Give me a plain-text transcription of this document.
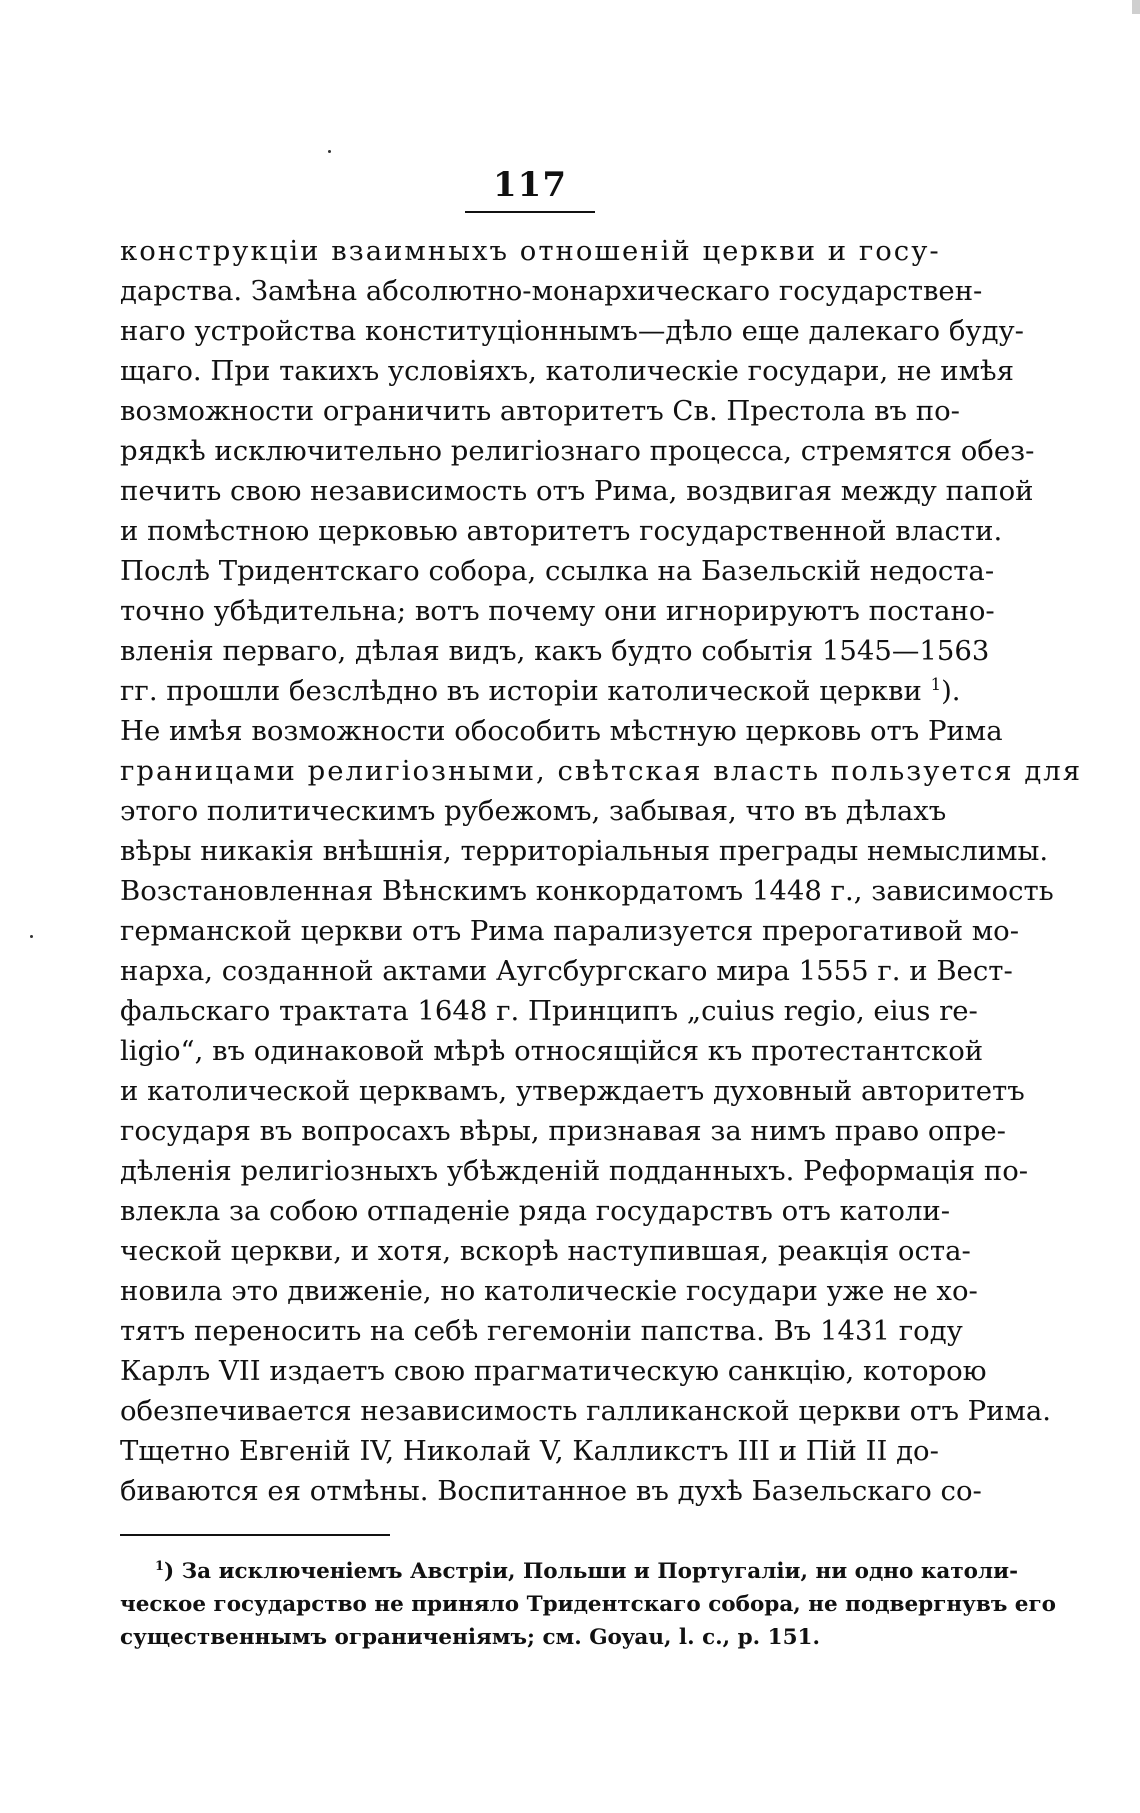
117
конструкціи взаимныхъ отношеній церкви и госу-
дарства. Замѣна абсолютно-монархическаго государствен-
наго устройства конституціоннымъ—дѣло еще далекаго буду-
щаго. При такихъ условіяхъ, католическіе государи, не имѣя
возможности ограничить авторитетъ Св. Престола въ по-
рядкѣ исключительно религіознаго процесса, стремятся обез-
печить свою независимость отъ Рима, воздвигая между папой
и помѣстною церковью авторитетъ государственной власти.
Послѣ Тридентскаго собора, ссылка на Базельскій недоста-
точно убѣдительна; вотъ почему они игнорируютъ постано-
вленія перваго, дѣлая видъ, какъ будто событія 1545—1563
гг. прошли безслѣдно въ исторіи католической церкви $^1$).
Не имѣя возможности обособить мѣстную церковь отъ Рима
границами религіозными, свѣтская власть пользуется для
этого политическимъ рубежомъ, забывая, что въ дѣлахъ
вѣры никакія внѣшнія, территоріальныя преграды немыслимы.
Возстановленная Вѣнскимъ конкордатомъ 1448 г., зависимость
германской церкви отъ Рима парализуется прерогативой мо-
нарха, созданной актами Аугсбургскаго мира 1555 г. и Вест-
фальскаго трактата 1648 г. Принципъ „cuius regio, eius re-
ligio“, въ одинаковой мѣрѣ относящійся къ протестантской
и католической церквамъ, утверждаетъ духовный авторитетъ
государя въ вопросахъ вѣры, признавая за нимъ право опре-
дѣленія религіозныхъ убѣжденій подданныхъ. Реформація по-
влекла за собою отпаденіе ряда государствъ отъ католи-
ческой церкви, и хотя, вскорѣ наступившая, реакція оста-
новила это движеніе, но католическіе государи уже не хо-
тятъ переносить на себѣ гегемоніи папства. Въ 1431 году
Карлъ VII издаетъ свою прагматическую санкцію, которою
обезпечивается независимость галликанской церкви отъ Рима.
Тщетно Евгеній IV, Николай V, Калликстъ III и Пій II до-
биваются ея отмѣны. Воспитанное въ духѣ Базельскаго со-
$^1$) За исключеніемъ Австріи, Польши и Португаліи, ни одно католи-
ческое государство не приняло Тридентскаго собора, не подвергнувъ его
существеннымъ ограниченіямъ; см. Goyau, l. c., p. 151.
